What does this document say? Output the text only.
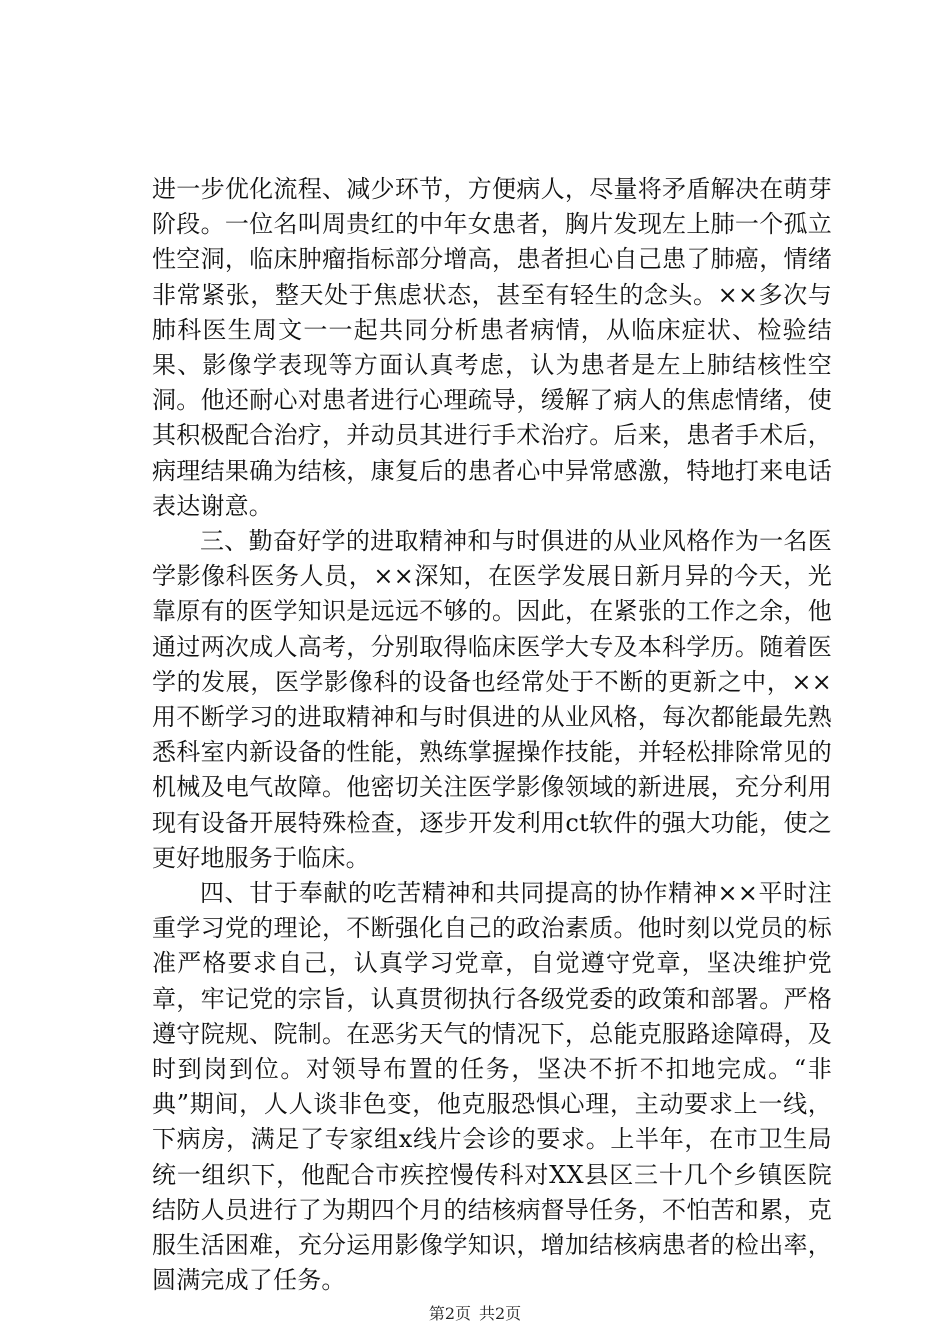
进一步优化流程、减少环节，方便病人，尽量将矛盾解决在萌芽阶段。一位名叫周贵红的中年女患者，胸片发现左上肺一个孤立性空洞，临床肿瘤指标部分增高，患者担心自己患了肺癌，情绪非常紧张，整天处于焦虑状态，甚至有轻生的念头。××多次与肺科医生周文一一起共同分析患者病情，从临床症状、检验结果、影像学表现等方面认真考虑，认为患者是左上肺结核性空洞。他还耐心对患者进行心理疏导，缓解了病人的焦虑情绪，使其积极配合治疗，并动员其进行手术治疗。后来，患者手术后，病理结果确为结核，康复后的患者心中异常感激，特地打来电话表达谢意。

三、勤奋好学的进取精神和与时俱进的从业风格作为一名医学影像科医务人员，××深知，在医学发展日新月异的今天，光靠原有的医学知识是远远不够的。因此，在紧张的工作之余，他通过两次成人高考，分别取得临床医学大专及本科学历。随着医学的发展，医学影像科的设备也经常处于不断的更新之中，××用不断学习的进取精神和与时俱进的从业风格，每次都能最先熟悉科室内新设备的性能，熟练掌握操作技能，并轻松排除常见的机械及电气故障。他密切关注医学影像领域的新进展，充分利用现有设备开展特殊检查，逐步开发利用ct软件的强大功能，使之更好地服务于临床。

四、甘于奉献的吃苦精神和共同提高的协作精神××平时注重学习党的理论，不断强化自己的政治素质。他时刻以党员的标准严格要求自己，认真学习党章，自觉遵守党章，坚决维护党章，牢记党的宗旨，认真贯彻执行各级党委的政策和部署。严格遵守院规、院制。在恶劣天气的情况下，总能克服路途障碍，及时到岗到位。对领导布置的任务，坚决不折不扣地完成。“非典”期间，人人谈非色变，他克服恐惧心理，主动要求上一线，下病房，满足了专家组x线片会诊的要求。上半年，在市卫生局统一组织下，他配合市疾控慢传科对XX县区三十几个乡镇医院结防人员进行了为期四个月的结核病督导任务，不怕苦和累，克服生活困难，充分运用影像学知识，增加结核病患者的检出率，圆满完成了任务。

第2页 共2页
